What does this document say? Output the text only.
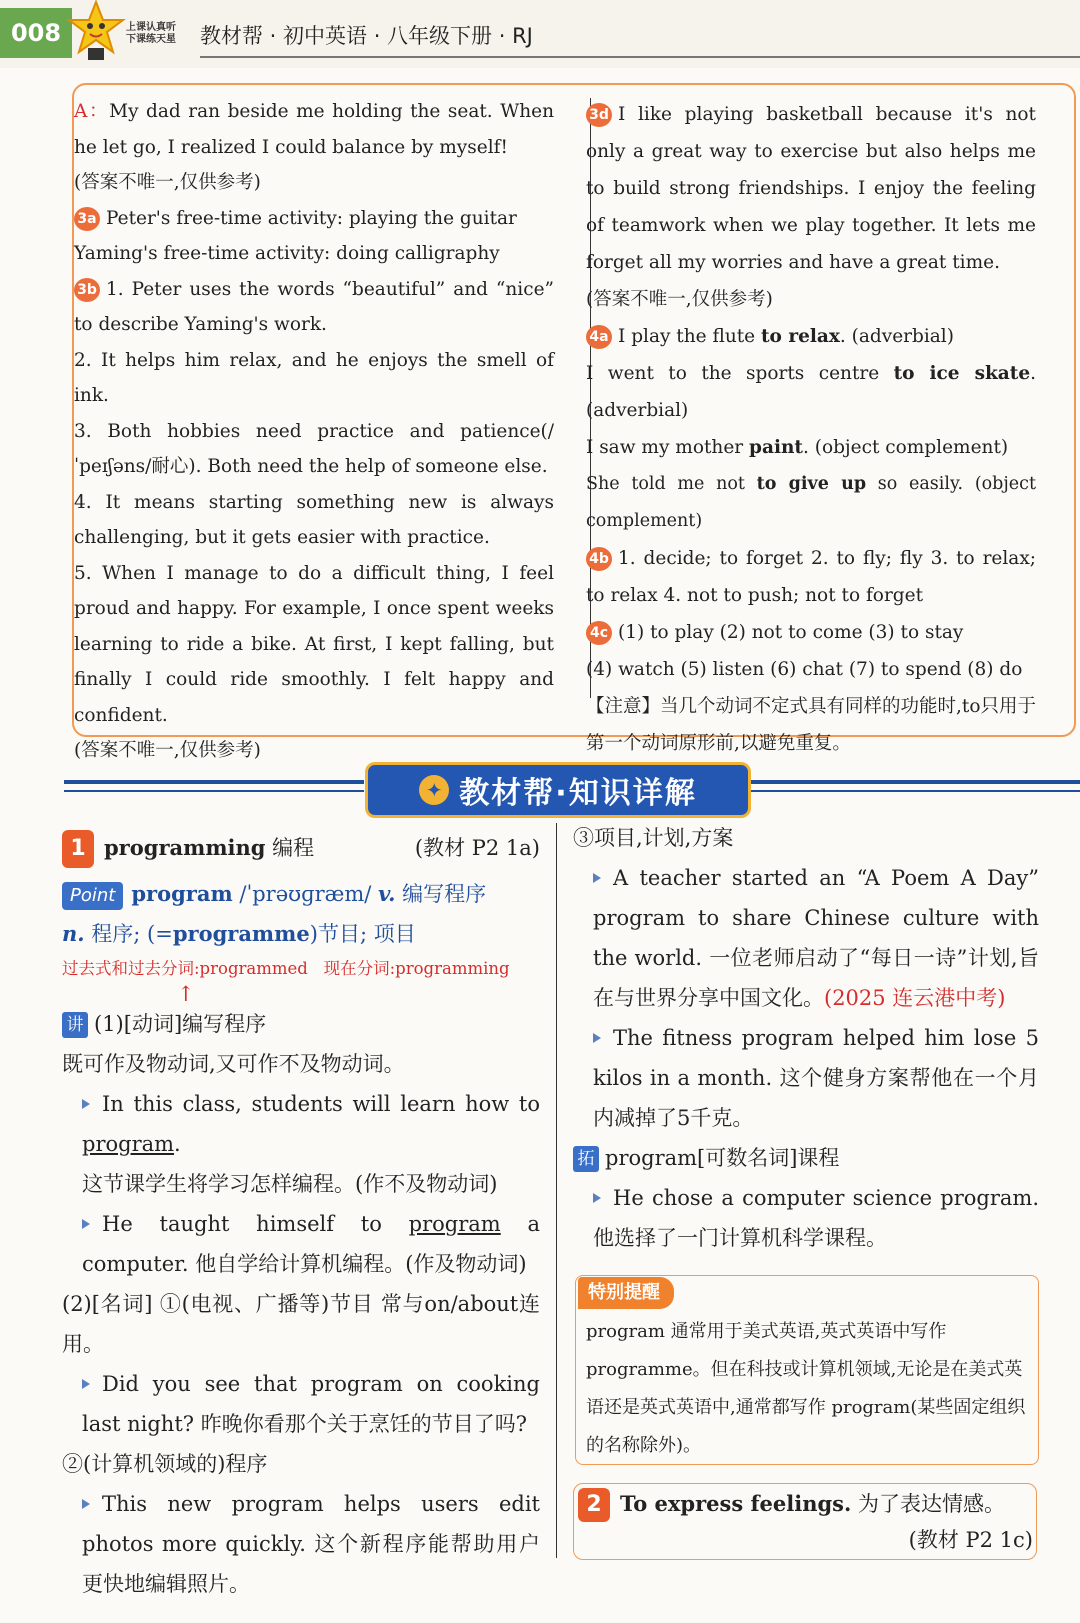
008	上课认真听
下课练天星 教材帮 · 初中英语 · 八年级下册 · RJ

A：My dad ran beside me holding the seat. When he let go, I realized I could balance by myself!

(答案不唯一,仅供参考)

3a Peter's free-time activity: playing the guitar

Yaming's free-time activity: doing calligraphy

3b 1. Peter uses the words “beautiful” and “nice” to describe Yaming's work.

2. It helps him relax, and he enjoys the smell of ink.

3. Both hobbies need practice and patience(/ˈpeɪʃəns/耐心). Both need the help of someone else.

4. It means starting something new is always challenging, but it gets easier with practice.

5. When I manage to do a difficult thing, I feel proud and happy. For example, I once spent weeks learning to ride a bike. At first, I kept falling, but finally I could ride smoothly. I felt happy and confident.

(答案不唯一,仅供参考)

3d I like playing basketball because it's not only a great way to exercise but also helps me to build strong friendships. I enjoy the feeling of teamwork when we play together. It lets me forget all my worries and have a great time.

(答案不唯一,仅供参考)

4a I play the flute to relax. (adverbial)

I went to the sports centre to ice skate. (adverbial)

I saw my mother paint. (object complement)

She told me not to give up so easily. (object complement)

4b 1. decide; to forget 2. to fly; fly 3. to relax; to relax 4. not to push; not to forget

4c (1) to play (2) not to come (3) to stay

(4) watch (5) listen (6) chat (7) to spend (8) do

【注意】当几个动词不定式具有同样的功能时,to只用于第一个动词原形前,以避免重复。

✦ 教材帮·知识详解

1 programming 编程	(教材 P2 1a)

Point program /ˈprəʊɡræm/ v. 编写程序

n. 程序; (=programme)节目; 项目

过去式和过去分词:programmed 现在分词:programming

↑

讲 (1)[动词]编写程序

既可作及物动词,又可作不及物动词。

In this class, students will learn how to program.

这节课学生将学习怎样编程。(作不及物动词)

He taught himself to program a computer. 他自学给计算机编程。(作及物动词)

(2)[名词] ①(电视、广播等)节目 常与on/about连用。

Did you see that program on cooking last night? 昨晚你看那个关于烹饪的节目了吗?

②(计算机领域的)程序

This new program helps users edit photos more quickly. 这个新程序能帮助用户更快地编辑照片。

③项目,计划,方案

A teacher started an “A Poem A Day” program to share Chinese culture with the world. 一位老师启动了“每日一诗”计划,旨在与世界分享中国文化。(2025 连云港中考)

The fitness program helped him lose 5 kilos in a month. 这个健身方案帮他在一个月内减掉了5千克。

拓 program[可数名词]课程

He chose a computer science program. 他选择了一门计算机科学课程。

特别提醒
program 通常用于美式英语,英式英语中写作programme。但在科技或计算机领域,无论是在美式英语还是英式英语中,通常都写作 program(某些固定组织的名称除外)。
2 To express feelings. 为了表达情感。
(教材 P2 1c)
